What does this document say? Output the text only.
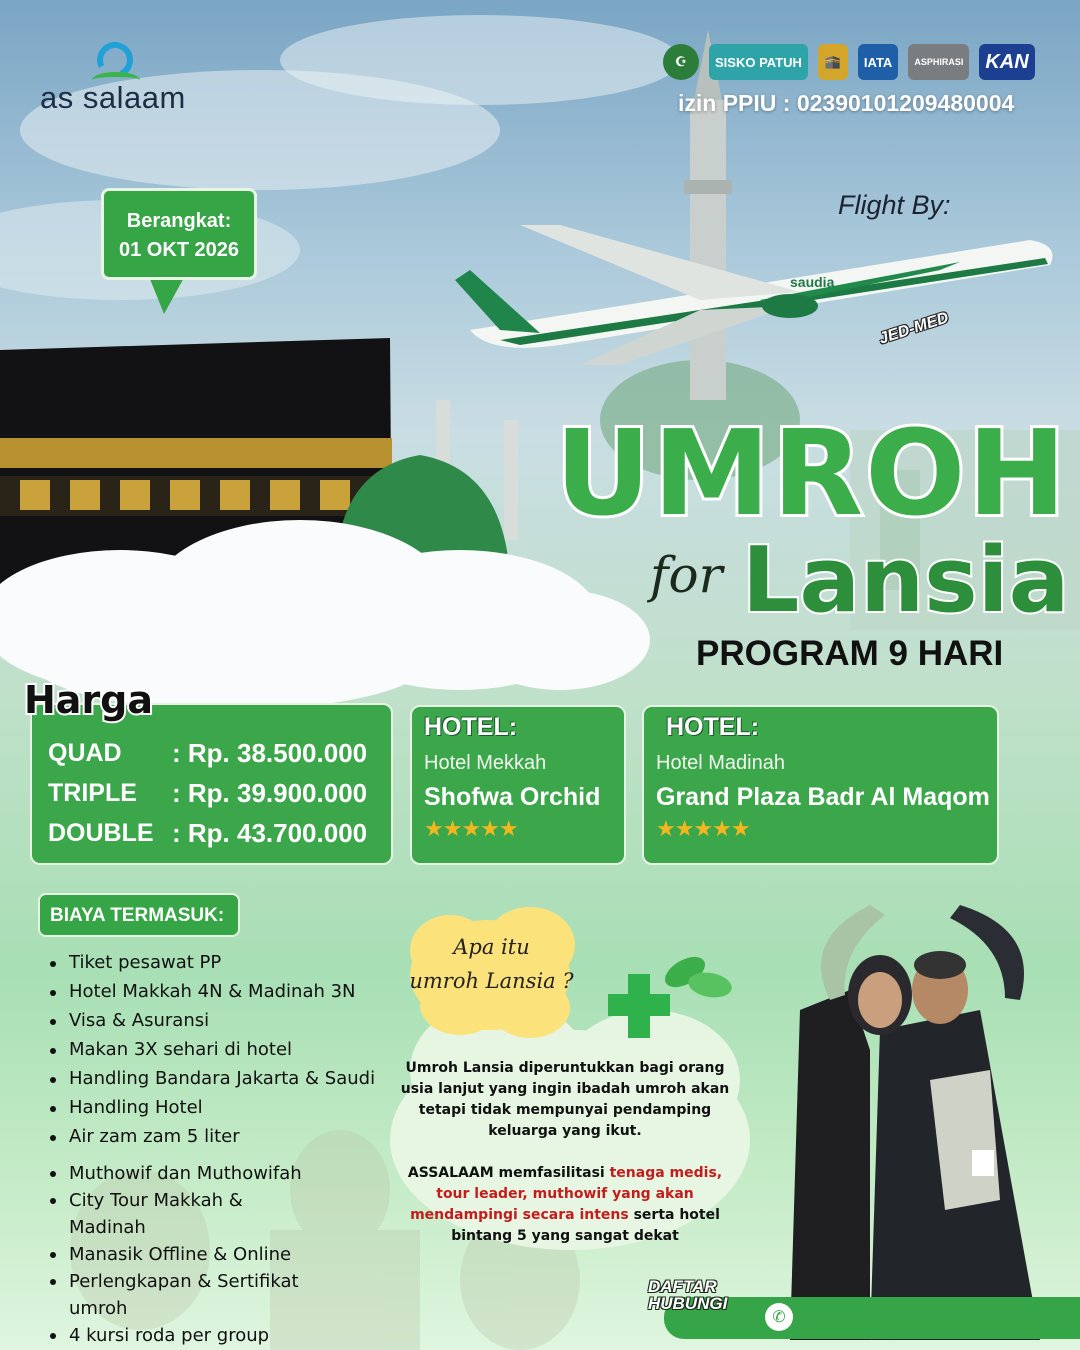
saudia
as salaam
☪	SISKO PATUH	🕋	IATA	ASPHIRASI	KAN
izin PPIU : 02390101209480004
Berangkat:
01 OKT 2026
Flight By:
JED-MED
UMROH
for Lansia
PROGRAM 9 HARI
QUAD	: Rp. 38.500.000
TRIPLE	: Rp. 39.900.000
DOUBLE : Rp. 43.700.000
Harga
HOTEL:
Hotel Mekkah
Shofwa Orchid
★★★★★
HOTEL:
Hotel Madinah
Grand Plaza Badr Al Maqom
★★★★★
BIAYA TERMASUK:
Tiket pesawat PP
Hotel Makkah 4N & Madinah 3N
Visa & Asuransi
Makan 3X sehari di hotel
Handling Bandara Jakarta & Saudi
Handling Hotel
Air zam zam 5 liter
Muthowif dan Muthowifah
City Tour Makkah & Madinah
Manasik Offline & Online
Perlengkapan & Sertifikat umroh
4 kursi roda per group
Apa itu
umroh Lansia ?

Umroh Lansia diperuntukkan bagi orang usia lanjut yang ingin ibadah umroh akan tetapi tidak mempunyai pendamping keluarga yang ikut.

ASSALAAM memfasilitasi tenaga medis, tour leader, muthowif yang akan mendampingi secara intens serta hotel bintang 5 yang sangat dekat

DAFTAR
HUBUNGI
✆
